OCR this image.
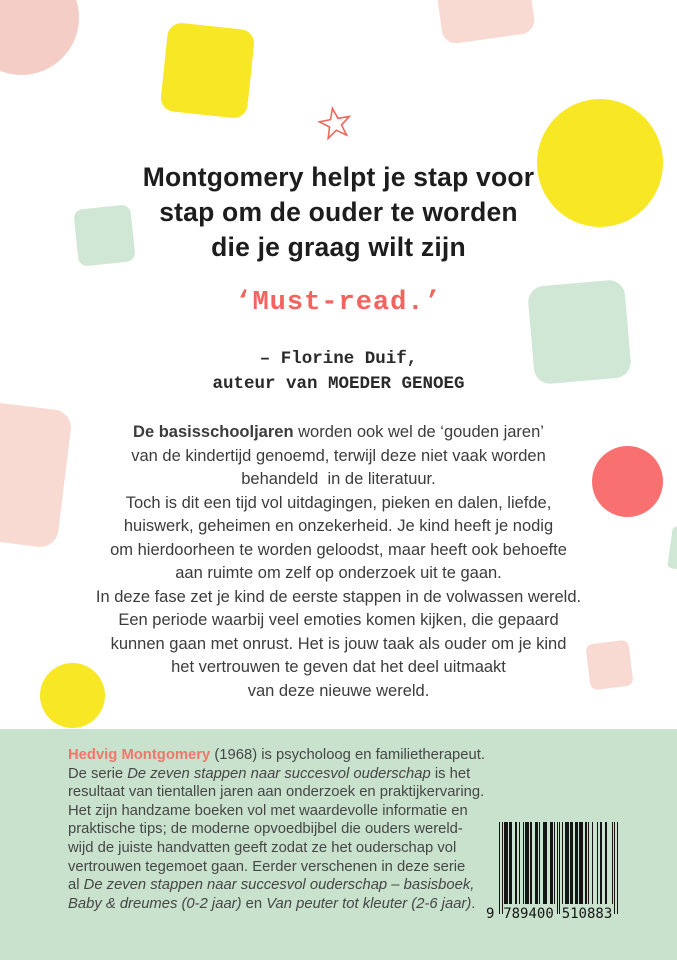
Montgomery helpt je stap voor
stap om de ouder te worden
die je graag wilt zijn
‘Must-read.’
– Florine Duif,
auteur van MOEDER GENOEG
De basisschooljaren worden ook wel de ‘gouden jaren’
van de kindertijd genoemd, terwijl deze niet vaak worden
behandeld  in de literatuur.
Toch is dit een tijd vol uitdagingen, pieken en dalen, liefde,
huiswerk, geheimen en onzekerheid. Je kind heeft je nodig
om hierdoorheen te worden geloodst, maar heeft ook behoefte
aan ruimte om zelf op onderzoek uit te gaan.
In deze fase zet je kind de eerste stappen in de volwassen wereld.
Een periode waarbij veel emoties komen kijken, die gepaard
kunnen gaan met onrust. Het is jouw taak als ouder om je kind
het vertrouwen te geven dat het deel uitmaakt
van deze nieuwe wereld.
Hedvig Montgomery (1968) is psycholoog en familietherapeut.
De serie De zeven stappen naar succesvol ouderschap is het
resultaat van tientallen jaren aan onderzoek en praktijkervaring.
Het zijn handzame boeken vol met waardevolle informatie en
praktische tips; de moderne opvoedbijbel die ouders wereld-
wijd de juiste handvatten geeft zodat ze het ouderschap vol
vertrouwen tegemoet gaan. Eerder verschenen in deze serie
al De zeven stappen naar succesvol ouderschap – basisboek,
Baby & dreumes (0-2 jaar) en Van peuter tot kleuter (2-6 jaar).
9 789400 510883
